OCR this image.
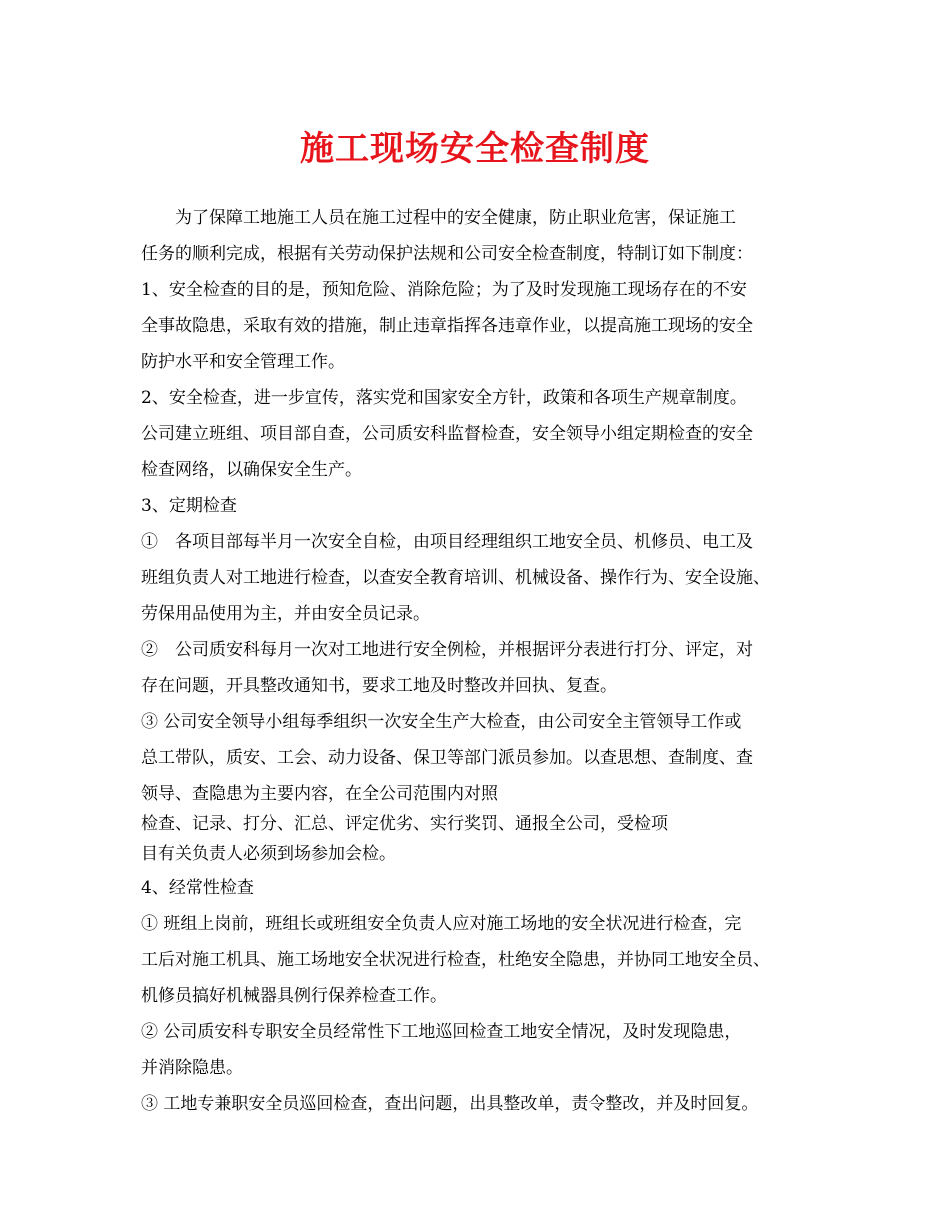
施工现场安全检查制度

　　为了保障工地施工人员在施工过程中的安全健康，防止职业危害，保证施工

任务的顺利完成，根据有关劳动保护法规和公司安全检查制度，特制订如下制度：

1、安全检查的目的是，预知危险、消除危险；为了及时发现施工现场存在的不安

全事故隐患，采取有效的措施，制止违章指挥各违章作业，以提高施工现场的安全

防护水平和安全管理工作。

2、安全检查，进一步宣传，落实党和国家安全方针，政策和各项生产规章制度。

公司建立班组、项目部自查，公司质安科监督检查，安全领导小组定期检查的安全

检查网络，以确保安全生产。

3、定期检查

①　各项目部每半月一次安全自检，由项目经理组织工地安全员、机修员、电工及

班组负责人对工地进行检查，以查安全教育培训、机械设备、操作行为、安全设施、

劳保用品使用为主，并由安全员记录。

②　公司质安科每月一次对工地进行安全例检，并根据评分表进行打分、评定，对

存在问题，开具整改通知书，要求工地及时整改并回执、复查。

③ 公司安全领导小组每季组织一次安全生产大检查，由公司安全主管领导工作或

总工带队，质安、工会、动力设备、保卫等部门派员参加。以查思想、查制度、查

领导、查隐患为主要内容，在全公司范围内对照

检查、记录、打分、汇总、评定优劣、实行奖罚、通报全公司，受检项

目有关负责人必须到场参加会检。

4、经常性检查

① 班组上岗前，班组长或班组安全负责人应对施工场地的安全状况进行检查，完

工后对施工机具、施工场地安全状况进行检查，杜绝安全隐患，并协同工地安全员、

机修员搞好机械器具例行保养检查工作。

② 公司质安科专职安全员经常性下工地巡回检查工地安全情况，及时发现隐患，

并消除隐患。

③ 工地专兼职安全员巡回检查，查出问题，出具整改单，责令整改，并及时回复。
